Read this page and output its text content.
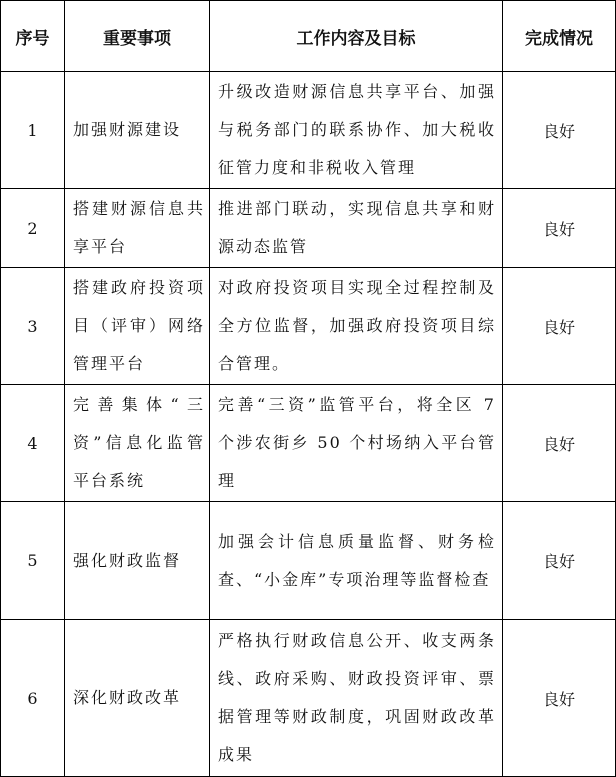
序号	重要事项	工作内容及目标	完成情况
1	加强财源建设	升级改造财源信息共享平台、加强与税务部门的联系协作、加大税收征管力度和非税收入管理	良好
2	搭建财源信息共享平台	推进部门联动，实现信息共享和财源动态监管	良好
3	搭建政府投资项目（评审）网络管理平台	对政府投资项目实现全过程控制及全方位监督，加强政府投资项目综合管理。	良好
4	完善集体“三资”信息化监管平台系统	完善“三资”监管平台，将全区 7 个涉农街乡 50 个村场纳入平台管理	良好
5	强化财政监督	加强会计信息质量监督、财务检查、“小金库”专项治理等监督检查	良好
6	深化财政改革	严格执行财政信息公开、收支两条线、政府采购、财政投资评审、票据管理等财政制度，巩固财政改革成果	良好
